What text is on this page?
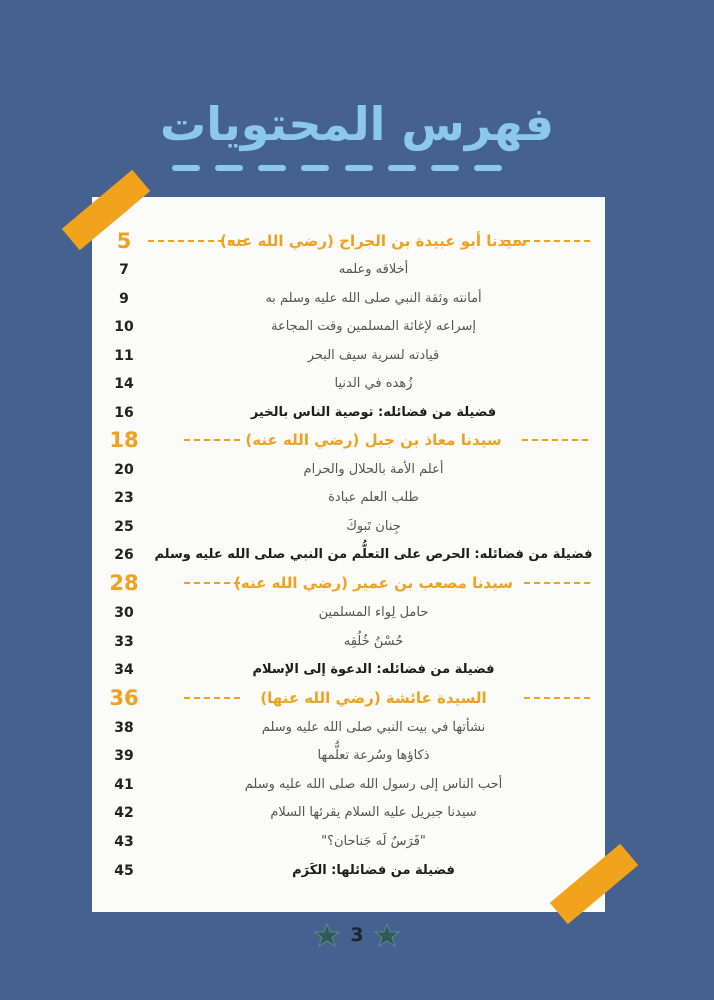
فهرس المحتويات
5	سيدنا أبو عبيدة بن الجراح (رضي الله عنه)
7	أخلاقه وعلمه
9	أمانته وثقة النبي صلى الله عليه وسلم به
10	إسراعه لإغاثة المسلمين وقت المجاعة
11	قيادته لسرية سيف البحر
14	زُهده في الدنيا
16	فضيلة من فضائله: توصية الناس بالخير
18	سيدنا معاذ بن جبل (رضي الله عنه)
20	أعلم الأمة بالحلال والحرام
23	طلب العلم عبادة
25	جِنان تَبوكَ
26	فضيلة من فضائله: الحرص على التعلُّم من النبي صلى الله عليه وسلم
28	سيدنا مصعب بن عمير (رضي الله عنه)
30	حامل لِواء المسلمين
33	حُسْنُ خُلُقِه
34	فضيلة من فضائله: الدعوة إلى الإسلام
36	السيدة عائشة (رضي الله عنها)
38	نشأتها في بيت النبي صلى الله عليه وسلم
39	ذكاؤها وسُرعة تعلُّمها
41	أحب الناس إلى رسول الله صلى الله عليه وسلم
42	سيدنا جبريل عليه السلام يقرئها السلام
43	"فَرَسٌ لَه جَناحان؟"
45	فضيلة من فضائلها: الكَرَم
3
